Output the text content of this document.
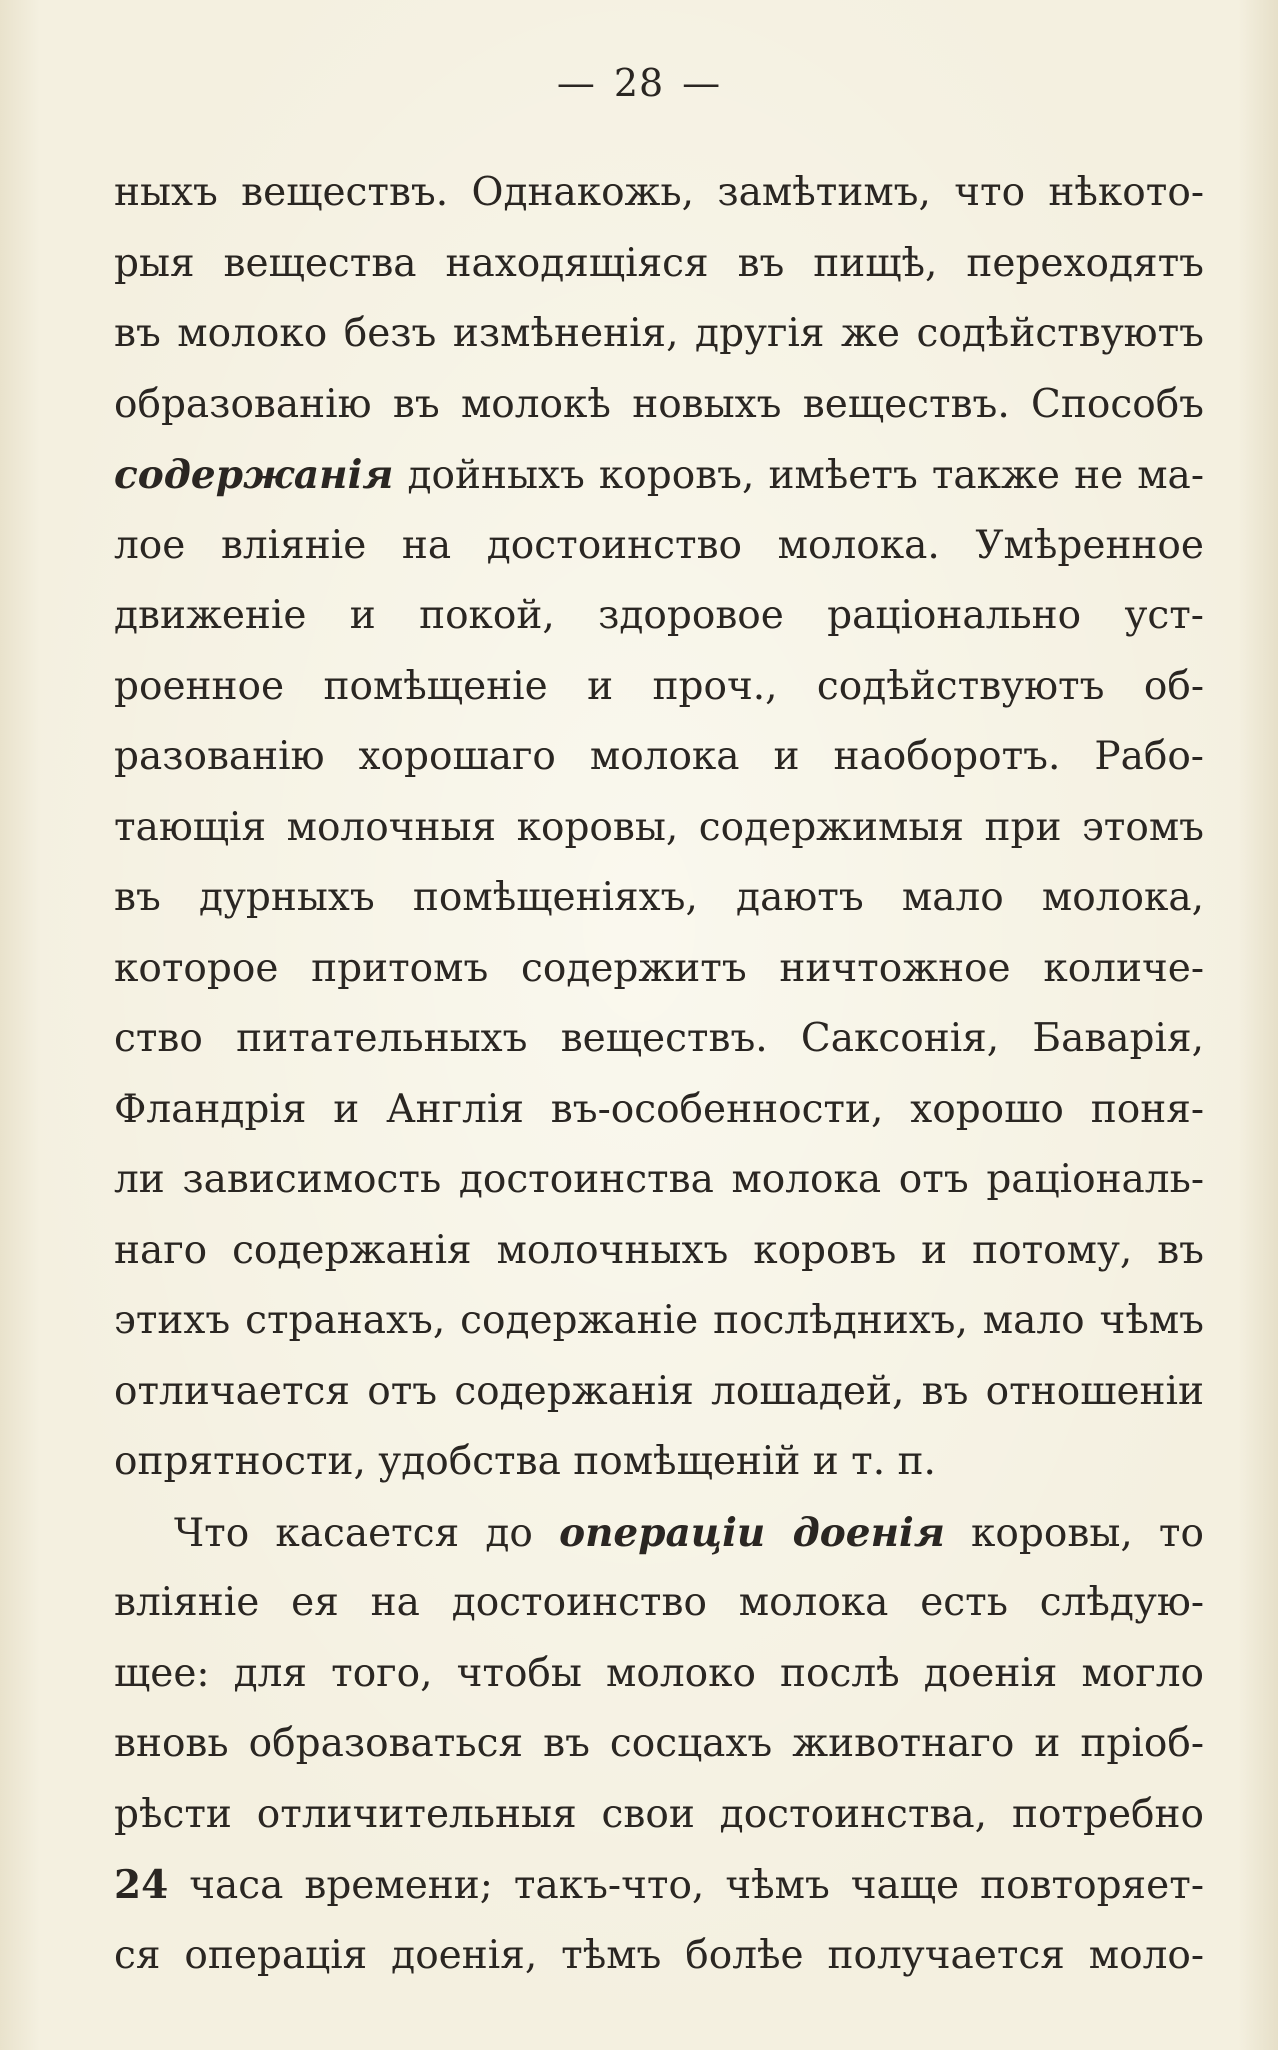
— 28 —
ныхъ веществъ. Однакожь, замѣтимъ, что нѣкото-
рыя вещества находящіяся въ пищѣ, переходятъ
въ молоко безъ измѣненія, другія же содѣйствуютъ
образованію въ молокѣ новыхъ веществъ. Способъ
содержанія дойныхъ коровъ, имѣетъ также не ма-
лое вліяніе на достоинство молока. Умѣренное
движеніе и покой, здоровое раціонально уст-
роенное помѣщеніе и проч., содѣйствуютъ об-
разованію хорошаго молока и наоборотъ. Рабо-
тающія молочныя коровы, содержимыя при этомъ
въ дурныхъ помѣщеніяхъ, даютъ мало молока,
которое притомъ содержитъ ничтожное количе-
ство питательныхъ веществъ. Саксонія, Баварія,
Фландрія и Англія въ-особенности, хорошо поня-
ли зависимость достоинства молока отъ раціональ-
наго содержанія молочныхъ коровъ и потому, въ
этихъ странахъ, содержаніе послѣднихъ, мало чѣмъ
отличается отъ содержанія лошадей, въ отношеніи
опрятности, удобства помѣщеній и т. п.
Что касается до операціи доенія коровы, то
вліяніе ея на достоинство молока есть слѣдую-
щее: для того, чтобы молоко послѣ доенія могло
вновь образоваться въ сосцахъ животнаго и пріоб-
рѣсти отличительныя свои достоинства, потребно
24 часа времени; такъ-что, чѣмъ чаще повторяет-
ся операція доенія, тѣмъ болѣе получается моло-
